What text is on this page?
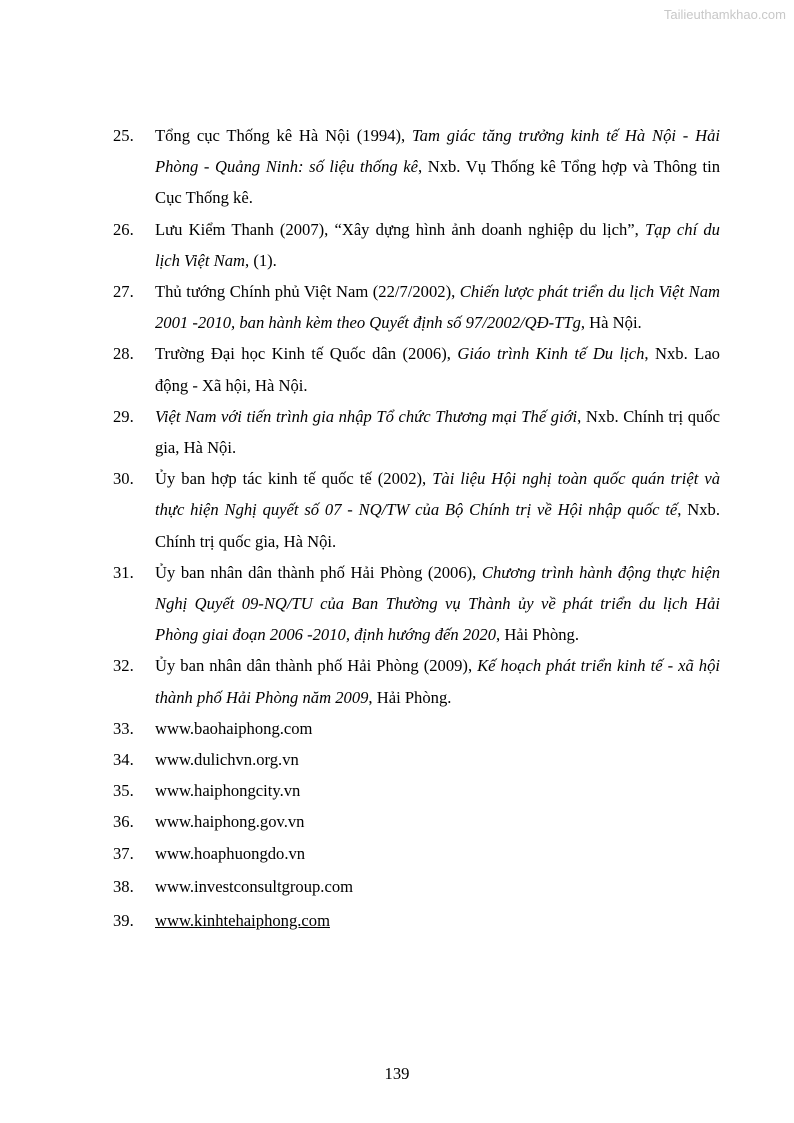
Tailieuthamkhao.com
25.	Tổng cục Thống kê Hà Nội (1994), Tam giác tăng trưởng kinh tế Hà Nội - Hải Phòng - Quảng Ninh: số liệu thống kê, Nxb. Vụ Thống kê Tổng hợp và Thông tin Cục Thống kê.
26.	Lưu Kiểm Thanh (2007), “Xây dựng hình ảnh doanh nghiệp du lịch”, Tạp chí du lịch Việt Nam, (1).
27.	Thủ tướng Chính phủ Việt Nam (22/7/2002), Chiến lược phát triển du lịch Việt Nam 2001 -2010, ban hành kèm theo Quyết định số 97/2002/QĐ-TTg, Hà Nội.
28.	Trường Đại học Kinh tế Quốc dân (2006), Giáo trình Kinh tế Du lịch, Nxb. Lao động - Xã hội, Hà Nội.
29.	Việt Nam với tiến trình gia nhập Tổ chức Thương mại Thế giới, Nxb. Chính trị quốc gia, Hà Nội.
30.	Ủy ban hợp tác kinh tế quốc tế (2002), Tài liệu Hội nghị toàn quốc quán triệt và thực hiện Nghị quyết số 07 - NQ/TW của Bộ Chính trị về Hội nhập quốc tế, Nxb. Chính trị quốc gia, Hà Nội.
31.	Ủy ban nhân dân thành phố Hải Phòng (2006), Chương trình hành động thực hiện Nghị Quyết 09-NQ/TU của Ban Thường vụ Thành ủy về phát triển du lịch Hải Phòng giai đoạn 2006 -2010, định hướng đến 2020, Hải Phòng.
32.	Ủy ban nhân dân thành phố Hải Phòng (2009), Kế hoạch phát triển kinh tế - xã hội thành phố Hải Phòng năm 2009, Hải Phòng.
33.	www.baohaiphong.com
34.	www.dulichvn.org.vn
35.	www.haiphongcity.vn
36.	www.haiphong.gov.vn
37.	www.hoaphuongdo.vn
38.	www.investconsultgroup.com
39.	www.kinhtehaiphong.com
139
